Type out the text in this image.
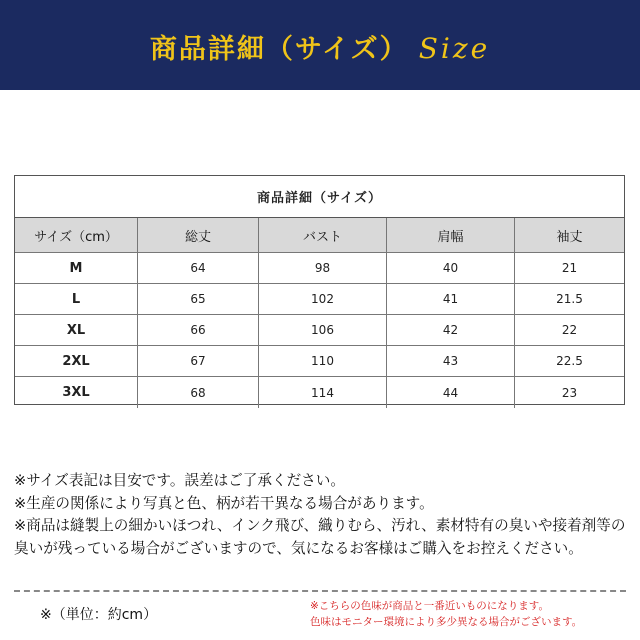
商品詳細（サイズ） Size
商品詳細（サイズ）
サイズ（cm）	総丈	バスト	肩幅	袖丈
M	64	98	40	21
L	65	102	41	21.5
XL	66	106	42	22
2XL	67	110	43	22.5
3XL	68	114	44	23

※サイズ表記は目安です。誤差はご了承ください。

※生産の関係により写真と色、柄が若干異なる場合があります。

※商品は縫製上の細かいほつれ、インク飛び、織りむら、汚れ、素材特有の臭いや接着剤等の臭いが残っている場合がございますので、気になるお客様はご購入をお控えください。

※（単位：約cm）

※こちらの色味が商品と一番近いものになります。

色味はモニター環境により多少異なる場合がございます。
